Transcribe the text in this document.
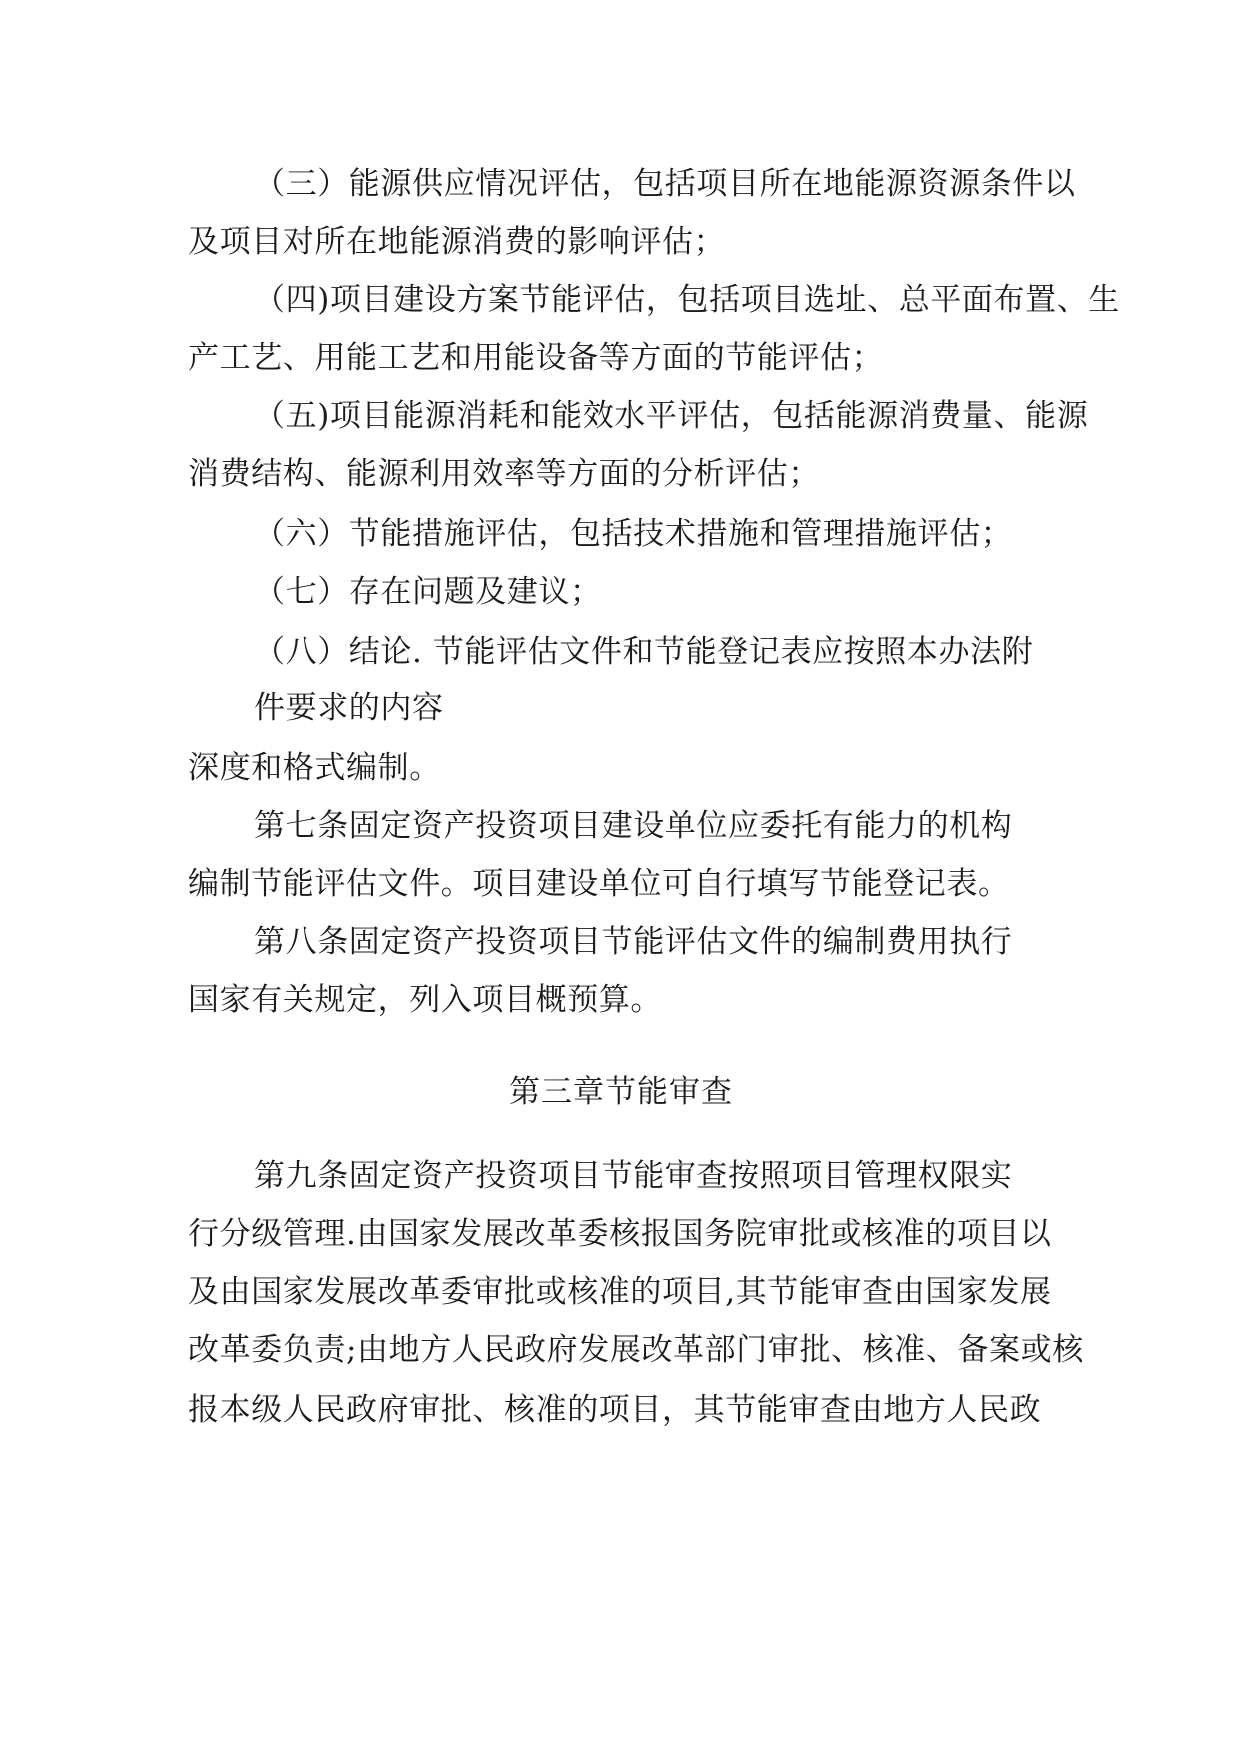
（三）能源供应情况评估，包括项目所在地能源资源条件以
及项目对所在地能源消费的影响评估；
（四)项目建设方案节能评估，包括项目选址、总平面布置、生
产工艺、用能工艺和用能设备等方面的节能评估；
（五)项目能源消耗和能效水平评估，包括能源消费量、能源
消费结构、能源利用效率等方面的分析评估；
（六）节能措施评估，包括技术措施和管理措施评估；
（七）存在问题及建议；
（八）结论. 节能评估文件和节能登记表应按照本办法附
件要求的内容
深度和格式编制。
第七条固定资产投资项目建设单位应委托有能力的机构
编制节能评估文件。项目建设单位可自行填写节能登记表。
第八条固定资产投资项目节能评估文件的编制费用执行
国家有关规定，列入项目概预算。
第三章节能审查
第九条固定资产投资项目节能审查按照项目管理权限实
行分级管理.由国家发展改革委核报国务院审批或核准的项目以
及由国家发展改革委审批或核准的项目,其节能审查由国家发展
改革委负责;由地方人民政府发展改革部门审批、核准、备案或核
报本级人民政府审批、核准的项目，其节能审查由地方人民政
